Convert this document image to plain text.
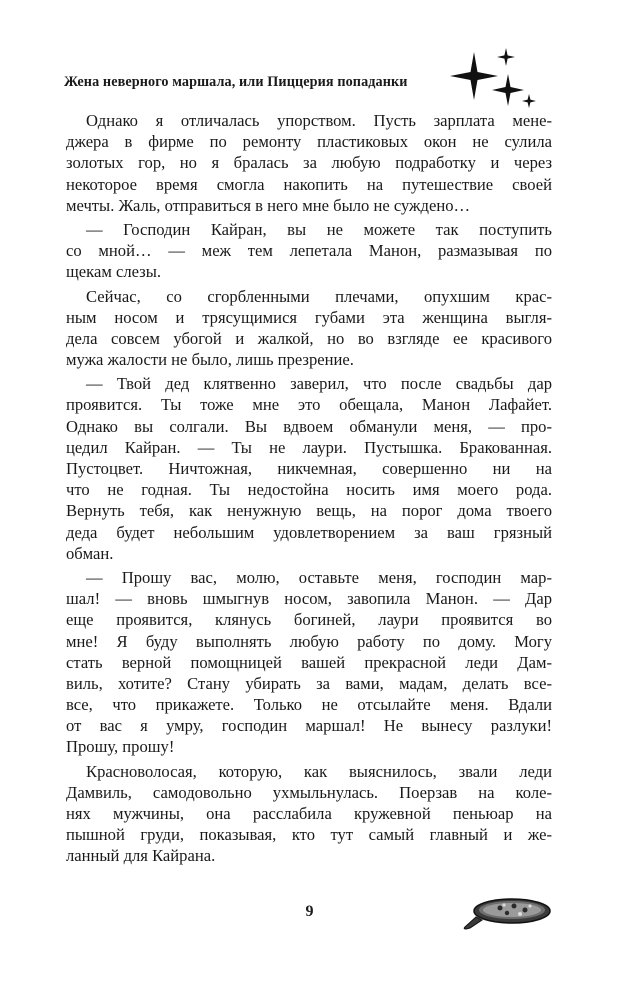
Жена неверного маршала, или Пиццерия попаданки
Однако я отличалась упорством. Пусть зарплата мене-
джера в фирме по ремонту пластиковых окон не сулила
золотых гор, но я бралась за любую подработку и через
некоторое время смогла накопить на путешествие своей
мечты. Жаль, отправиться в него мне было не суждено…
— Господин Кайран, вы не можете так поступить
со мной… — меж тем лепетала Манон, размазывая по
щекам слезы.
Сейчас, со сгорбленными плечами, опухшим крас-
ным носом и трясущимися губами эта женщина выгля-
дела совсем убогой и жалкой, но во взгляде ее красивого
мужа жалости не было, лишь презрение.
— Твой дед клятвенно заверил, что после свадьбы дар
проявится. Ты тоже мне это обещала, Манон Лафайет.
Однако вы солгали. Вы вдвоем обманули меня, — про-
цедил Кайран. — Ты не лаури. Пустышка. Бракованная.
Пустоцвет. Ничтожная, никчемная, совершенно ни на
что не годная. Ты недостойна носить имя моего рода.
Вернуть тебя, как ненужную вещь, на порог дома твоего
деда будет небольшим удовлетворением за ваш грязный
обман.
— Прошу вас, молю, оставьте меня, господин мар-
шал! — вновь шмыгнув носом, завопила Манон. — Дар
еще проявится, клянусь богиней, лаури проявится во
мне! Я буду выполнять любую работу по дому. Могу
стать верной помощницей вашей прекрасной леди Дам-
виль, хотите? Стану убирать за вами, мадам, делать все-
все, что прикажете. Только не отсылайте меня. Вдали
от вас я умру, господин маршал! Не вынесу разлуки!
Прошу, прошу!
Красноволосая, которую, как выяснилось, звали леди
Дамвиль, самодовольно ухмыльнулась. Поерзав на коле-
нях мужчины, она расслабила кружевной пеньюар на
пышной груди, показывая, кто тут самый главный и же-
ланный для Кайрана.
9
